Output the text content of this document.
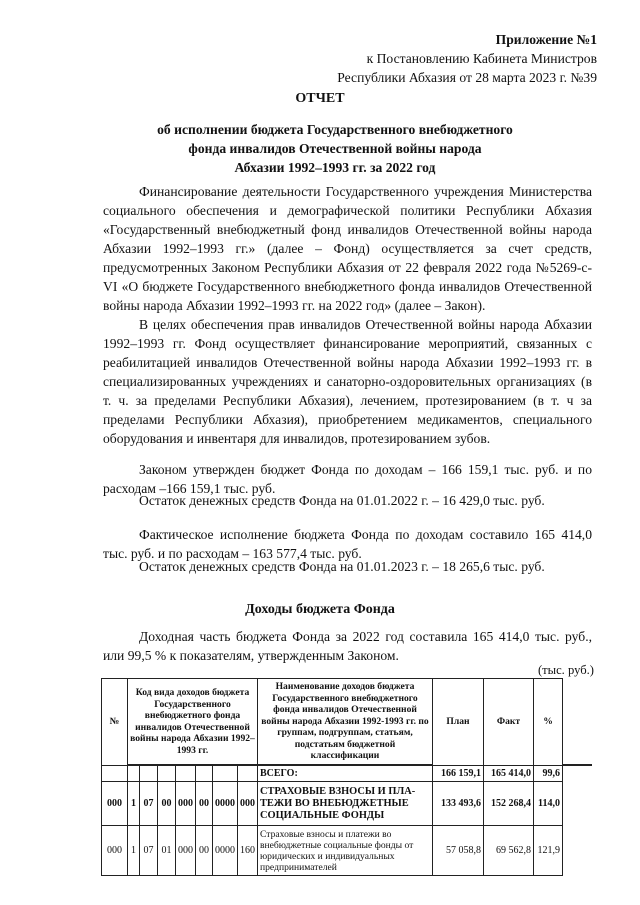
Приложение №1
к Постановлению Кабинета Министров
Республики Абхазия от 28 марта 2023 г. №39
ОТЧЕТ
об исполнении бюджета Государственного внебюджетного
фонда инвалидов Отечественной войны народа
Абхазии 1992–1993 гг. за 2022 год
Финансирование деятельности Государственного учреждения Министерства социального обеспечения и демографической политики Республики Абхазия «Государственный внебюджетный фонд инвалидов Отечественной войны народа Абхазии 1992–1993 гг.» (далее – Фонд) осуществляется за счет средств, предусмотренных Законом Республики Абхазия от 22 февраля 2022 года №5269-с-VI «О бюджете Государственного внебюджетного фонда инвалидов Отечественной войны народа Абхазии 1992–1993 гг. на 2022 год» (далее – Закон).
В целях обеспечения прав инвалидов Отечественной войны народа Абхазии 1992–1993 гг. Фонд осуществляет финансирование мероприятий, связанных с реабилитацией инвалидов Отечественной войны народа Абхазии 1992–1993 гг. в специализированных учреждениях и санаторно-оздоровительных организациях (в т. ч. за пределами Республики Абхазия), лечением, протезированием (в т. ч за пределами Республики Абхазия), приобретением медикаментов, специального оборудования и инвентаря для инвалидов, протезированием зубов.
Законом утвержден бюджет Фонда по доходам – 166 159,1 тыс. руб. и по расходам –166 159,1 тыс. руб.
Остаток денежных средств Фонда на 01.01.2022 г. – 16 429,0 тыс. руб.
Фактическое исполнение бюджета Фонда по доходам составило 165 414,0 тыс. руб. и по расходам – 163 577,4 тыс. руб.
Остаток денежных средств Фонда на 01.01.2023 г. – 18 265,6 тыс. руб.
Доходы бюджета Фонда
Доходная часть бюджета Фонда за 2022 год составила 165 414,0 тыс. руб., или 99,5 % к показателям, утвержденным Законом.
(тыс. руб.)
№	Код вида доходов бюджета Государственного внебюджетного фонда инвалидов Отечественной войны народа Абхазии 1992–1993 гг.							Наименование доходов бюджета Государственного внебюджетного фонда инвалидов Отечественной войны народа Абхазии 1992-1993 гг. по группам, подгруппам, статьям, подстатьям бюджетной классификации	План	Факт	%	

								ВСЕГО:	166 159,1	165 414,0	99,6	
000	1	07	00	000	00	0000	000	СТРАХОВЫЕ ВЗНОСЫ И ПЛА-ТЕЖИ ВО ВНЕБЮДЖЕТНЫЕ СОЦИАЛЬНЫЕ ФОНДЫ	133 493,6	152 268,4	114,0	
000	1	07	01	000	00	0000	160	Страховые взносы и платежи во внебюджетные социальные фонды от юридических и индивидуальных предпринимателей	57 058,8	69 562,8	121,9	
